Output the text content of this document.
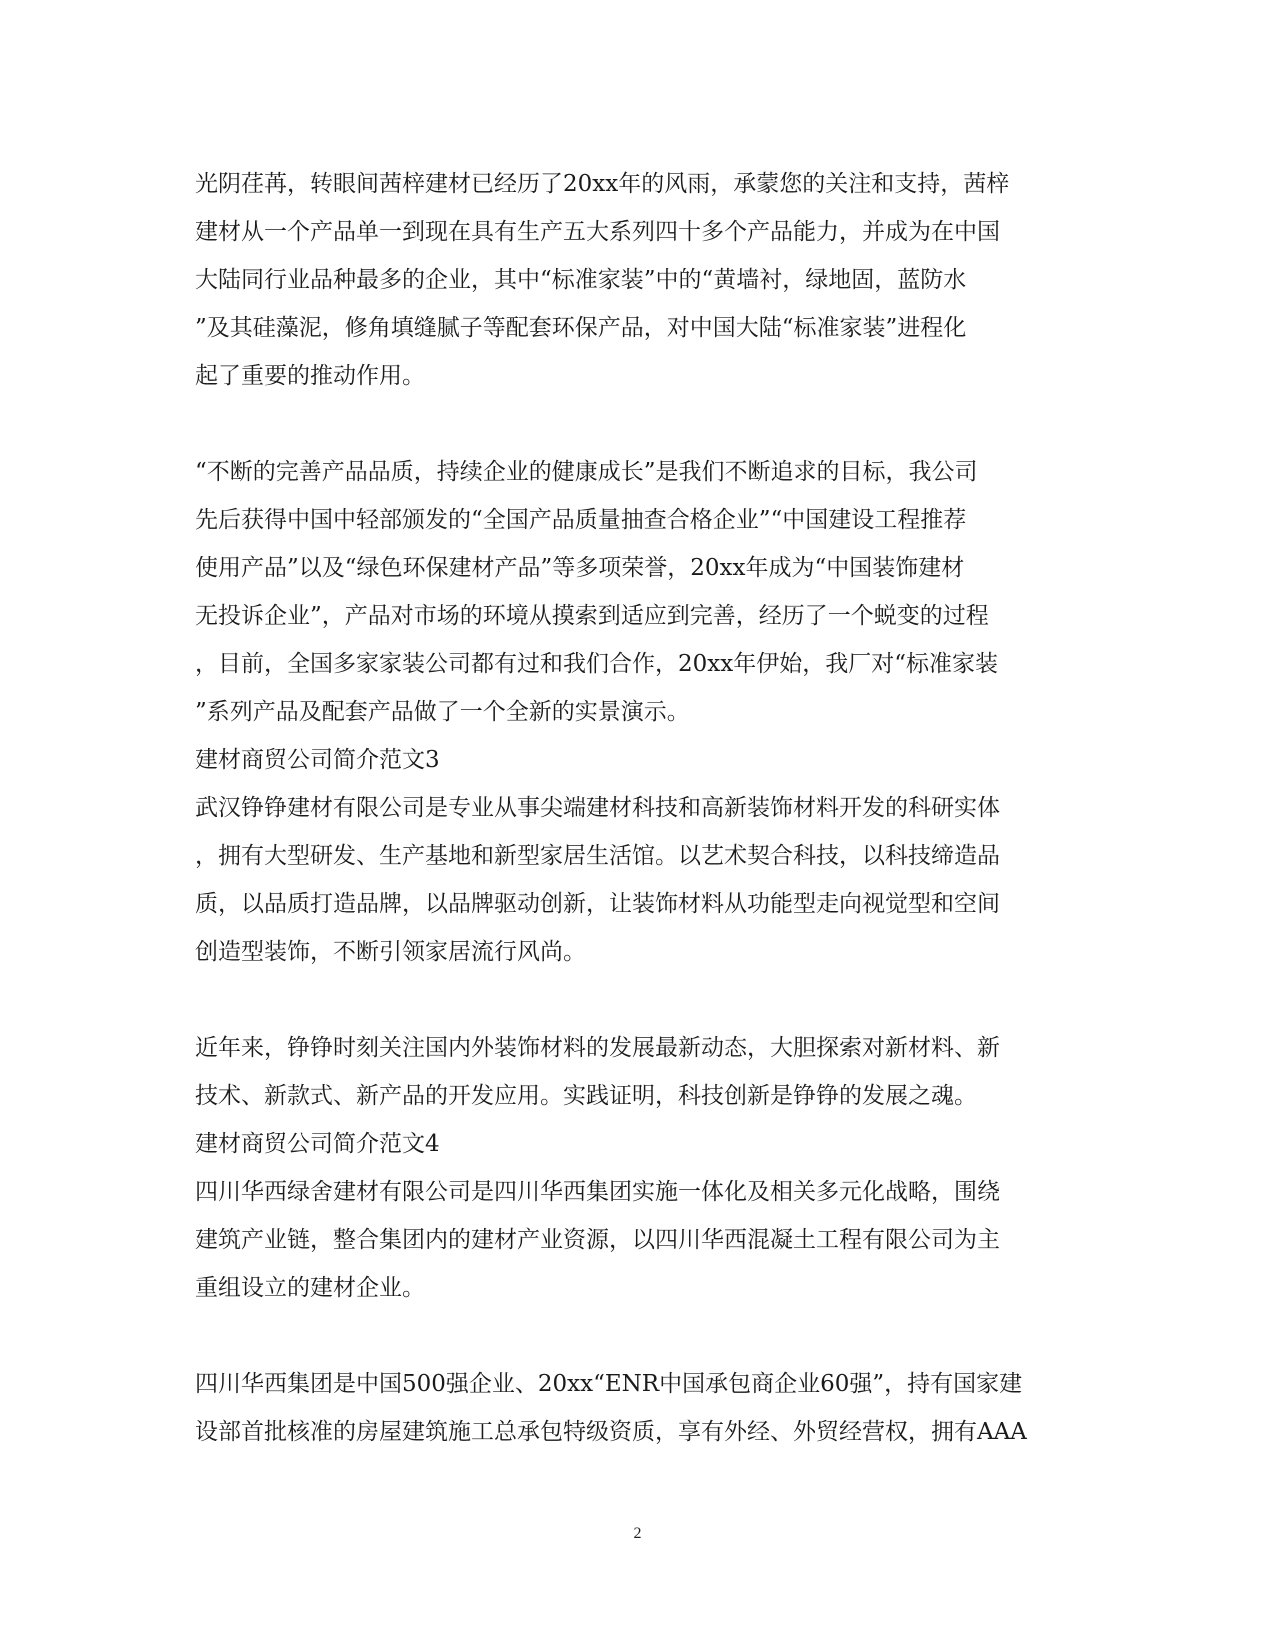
光阴荏苒，转眼间茜梓建材已经历了20xx年的风雨，承蒙您的关注和支持，茜梓
建材从一个产品单一到现在具有生产五大系列四十多个产品能力，并成为在中国
大陆同行业品种最多的企业，其中“标准家装”中的“黄墙衬，绿地固，蓝防水
”及其硅藻泥，修角填缝腻子等配套环保产品，对中国大陆“标准家装”进程化
起了重要的推动作用。
“不断的完善产品品质，持续企业的健康成长”是我们不断追求的目标，我公司
先后获得中国中轻部颁发的“全国产品质量抽查合格企业”“中国建设工程推荐
使用产品”以及“绿色环保建材产品”等多项荣誉，20xx年成为“中国装饰建材
无投诉企业”，产品对市场的环境从摸索到适应到完善，经历了一个蜕变的过程
，目前，全国多家家装公司都有过和我们合作，20xx年伊始，我厂对“标准家装
”系列产品及配套产品做了一个全新的实景演示。
建材商贸公司简介范文3
武汉铮铮建材有限公司是专业从事尖端建材科技和高新装饰材料开发的科研实体
，拥有大型研发、生产基地和新型家居生活馆。以艺术契合科技，以科技缔造品
质，以品质打造品牌，以品牌驱动创新，让装饰材料从功能型走向视觉型和空间
创造型装饰，不断引领家居流行风尚。
近年来，铮铮时刻关注国内外装饰材料的发展最新动态，大胆探索对新材料、新
技术、新款式、新产品的开发应用。实践证明，科技创新是铮铮的发展之魂。
建材商贸公司简介范文4
四川华西绿舍建材有限公司是四川华西集团实施一体化及相关多元化战略，围绕
建筑产业链，整合集团内的建材产业资源，以四川华西混凝土工程有限公司为主
重组设立的建材企业。
四川华西集团是中国500强企业、20xx“ENR中国承包商企业60强”，持有国家建
设部首批核准的房屋建筑施工总承包特级资质，享有外经、外贸经营权，拥有AAA
2
